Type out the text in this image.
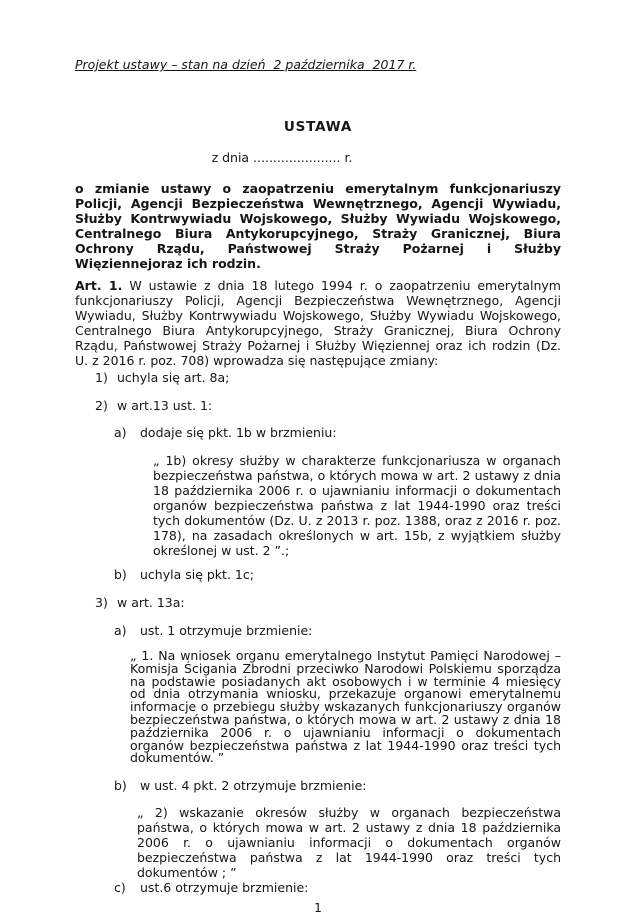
Projekt ustawy – stan na dzień  2 października  2017 r.

USTAWA

z dnia ...................... r.

o zmianie ustawy o zaopatrzeniu emerytalnym funkcjonariuszy Policji, Agencji Bezpieczeństwa Wewnętrznego, Agencji Wywiadu, Służby Kontrwywiadu Wojskowego, Służby Wywiadu Wojskowego, Centralnego Biura Antykorupcyjnego, Straży Granicznej, Biura Ochrony Rządu, Państwowej Straży Pożarnej i Służby Więziennejoraz ich rodzin.

Art. 1. W ustawie z dnia 18 lutego 1994 r. o zaopatrzeniu emerytalnym funkcjonariuszy Policji, Agencji Bezpieczeństwa Wewnętrznego, Agencji Wywiadu, Służby Kontrwywiadu Wojskowego, Służby Wywiadu Wojskowego, Centralnego Biura Antykorupcyjnego, Straży Granicznej, Biura Ochrony Rządu, Państwowej Straży Pożarnej i Służby Więziennej oraz ich rodzin (Dz. U. z 2016 r. poz. 708) wprowadza się następujące zmiany:

1) uchyla się art. 8a;
2) w art.13 ust. 1:
a)	dodaje się pkt. 1b w brzmieniu:

„ 1b) okresy służby w charakterze funkcjonariusza w organach bezpieczeństwa państwa, o których mowa w art. 2 ustawy z dnia 18 października 2006 r. o ujawnianiu informacji o dokumentach organów bezpieczeństwa państwa z lat 1944-1990 oraz treści tych dokumentów (Dz. U. z 2013 r. poz. 1388, oraz z 2016 r. poz. 178), na zasadach określonych w art. 15b, z wyjątkiem służby określonej w ust. 2 ”.;

b)	uchyla się pkt. 1c;
3) w art. 13a:
a)	ust. 1 otrzymuje brzmienie:

„ 1. Na wniosek organu emerytalnego Instytut Pamięci Narodowej – Komisja Ścigania Zbrodni przeciwko Narodowi Polskiemu sporządza na podstawie posiadanych akt osobowych i w terminie 4 miesięcy od dnia otrzymania wniosku, przekazuje organowi emerytalnemu informacje o przebiegu służby wskazanych funkcjonariuszy organów bezpieczeństwa państwa, o których mowa w art. 2 ustawy z dnia 18 października 2006 r. o ujawnianiu informacji o dokumentach organów bezpieczeństwa państwa z lat 1944-1990 oraz treści tych dokumentów. ”

b)	w ust. 4 pkt. 2 otrzymuje brzmienie:

„ 2) wskazanie okresów służby w organach bezpieczeństwa państwa, o których mowa w art. 2 ustawy z dnia 18 października 2006 r. o ujawnianiu informacji o dokumentach organów bezpieczeństwa państwa z lat 1944-1990 oraz treści tych dokumentów ; ”

c)	ust.6 otrzymuje brzmienie:
1
